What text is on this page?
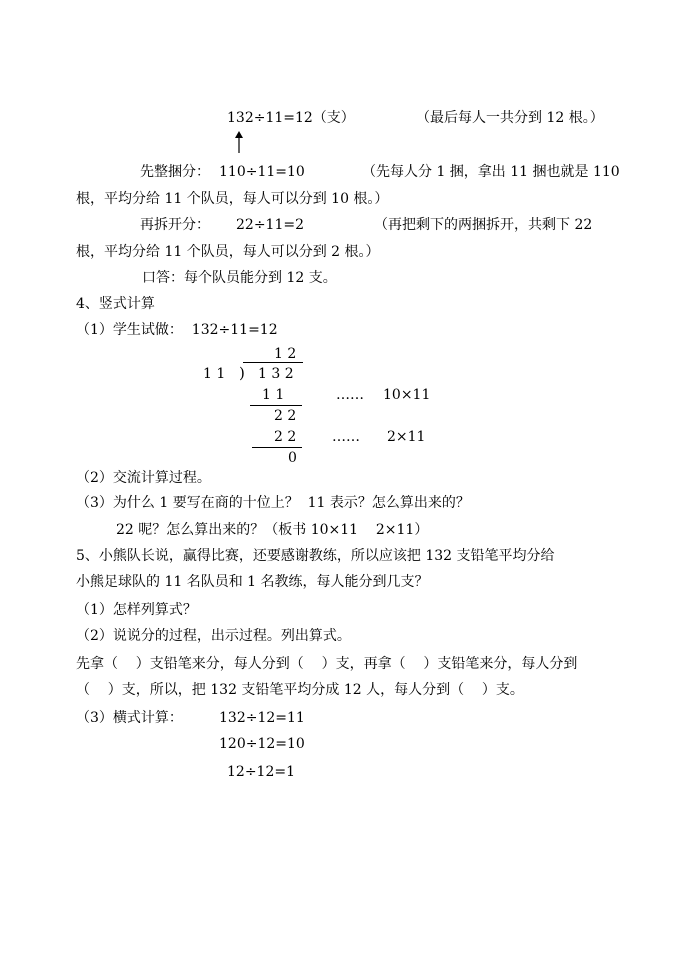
132÷11=12（支）	（最后每人一共分到 12 根。）
先整捆分： 110÷11=10	（先每人分 1 捆，拿出 11 捆也就是 110
根，平均分给 11 个队员，每人可以分到 10 根。）
再拆开分： 22÷11=2	（再把剩下的两捆拆开，共剩下 22
根，平均分给 11 个队员，每人可以分到 2 根。）
口答：每个队员能分到 12 支。
4、竖式计算
（1）学生试做：  132÷11=12
1 2
1 1 ) 1 3 2
1 1	…… 10×11
2 2
2 2	…… 2×11
0
（2）交流计算过程。
（3）为什么 1 要写在商的十位上？  11 表示？怎么算出来的？
22 呢？怎么算出来的？（板书 10×11    2×11）
5、小熊队长说，赢得比赛，还要感谢教练，所以应该把 132 支铅笔平均分给
小熊足球队的 11 名队员和 1 名教练，每人能分到几支？
（1）怎样列算式？
（2）说说分的过程，出示过程。列出算式。
先拿（    ）支铅笔来分，每人分到（    ）支，再拿（    ）支铅笔来分，每人分到
（    ）支，所以，把 132 支铅笔平均分成 12 人，每人分到（    ）支。
（3）横式计算：	132÷12=11
120÷12=10
12÷12=1
